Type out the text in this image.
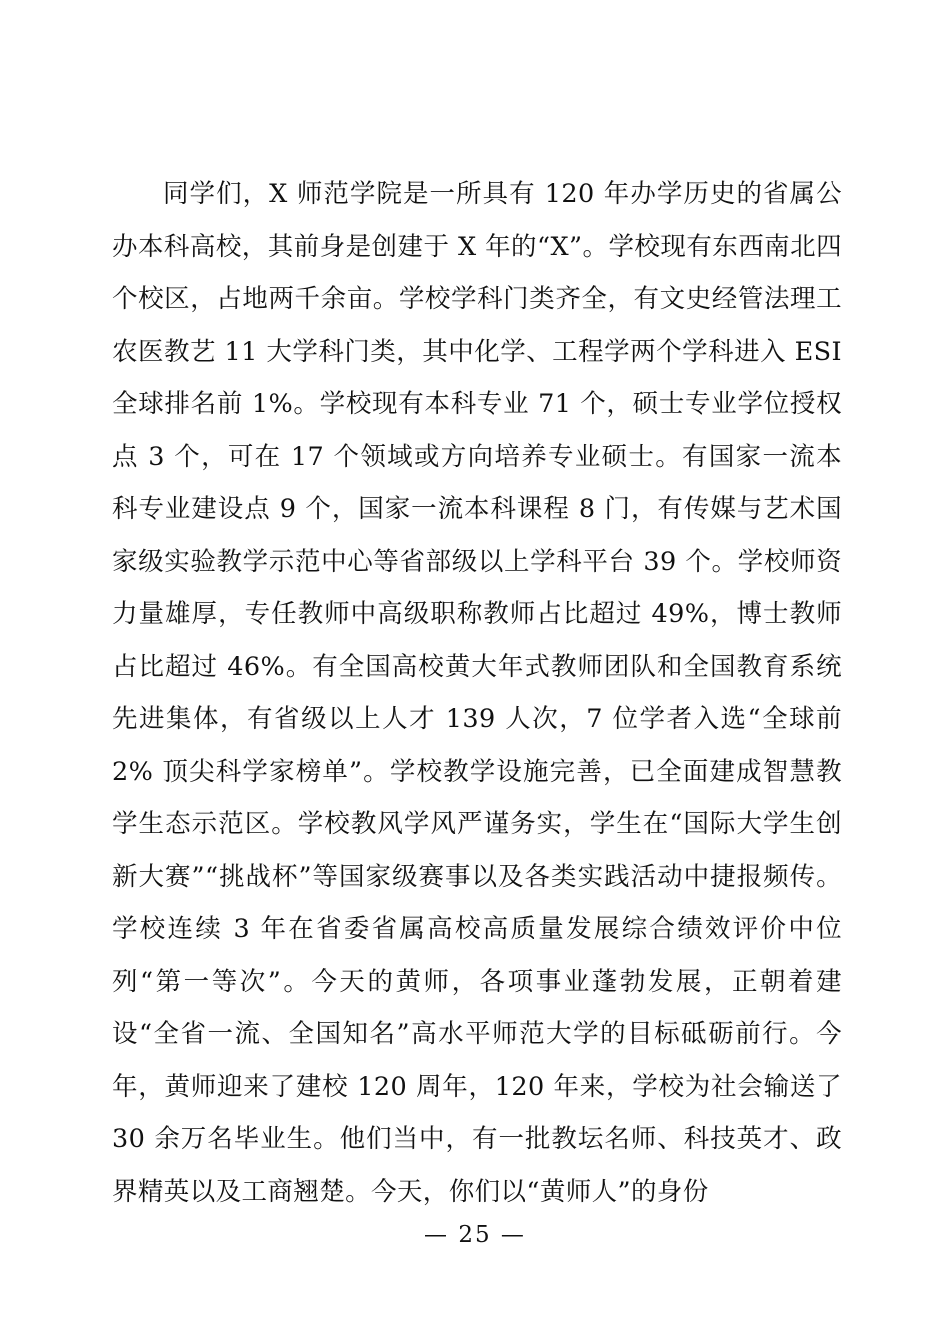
同学们，X 师范学院是一所具有 120 年办学历史的省属公办本科高校，其前身是创建于 X 年的“X”。学校现有东西南北四个校区，占地两千余亩。学校学科门类齐全，有文史经管法理工农医教艺 11 大学科门类，其中化学、工程学两个学科进入 ESI 全球排名前 1%。学校现有本科专业 71 个，硕士专业学位授权点 3 个，可在 17 个领域或方向培养专业硕士。有国家一流本科专业建设点 9 个，国家一流本科课程 8 门，有传媒与艺术国家级实验教学示范中心等省部级以上学科平台 39 个。学校师资力量雄厚，专任教师中高级职称教师占比超过 49%，博士教师占比超过 46%。有全国高校黄大年式教师团队和全国教育系统先进集体，有省级以上人才 139 人次，7 位学者入选“全球前 2% 顶尖科学家榜单”。学校教学设施完善，已全面建成智慧教学生态示范区。学校教风学风严谨务实，学生在“国际大学生创新大赛”“挑战杯”等国家级赛事以及各类实践活动中捷报频传。学校连续 3 年在省委省属高校高质量发展综合绩效评价中位列“第一等次”。今天的黄师，各项事业蓬勃发展，正朝着建设“全省一流、全国知名”高水平师范大学的目标砥砺前行。今年，黄师迎来了建校 120 周年，120 年来，学校为社会输送了 30 余万名毕业生。他们当中，有一批教坛名师、科技英才、政界精英以及工商翘楚。今天，你们以“黄师人”的身份

— 25 —
